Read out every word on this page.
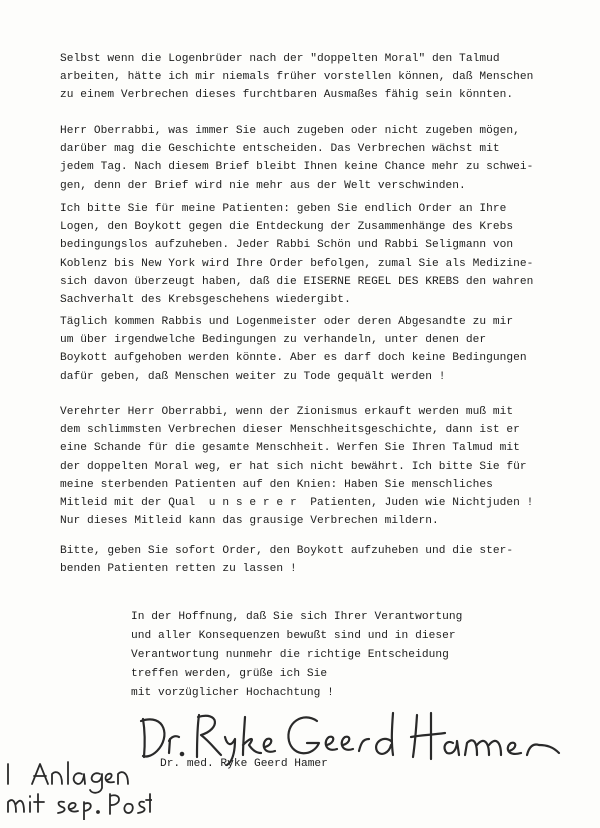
Selbst wenn die Logenbrüder nach der "doppelten Moral" den Talmud
arbeiten, hätte ich mir niemals früher vorstellen können, daß Menschen
zu einem Verbrechen dieses furchtbaren Ausmaßes fähig sein könnten.
Herr Oberrabbi, was immer Sie auch zugeben oder nicht zugeben mögen,
darüber mag die Geschichte entscheiden. Das Verbrechen wächst mit
jedem Tag. Nach diesem Brief bleibt Ihnen keine Chance mehr zu schwei-
gen, denn der Brief wird nie mehr aus der Welt verschwinden.
Ich bitte Sie für meine Patienten: geben Sie endlich Order an Ihre
Logen, den Boykott gegen die Entdeckung der Zusammenhänge des Krebs
bedingungslos aufzuheben. Jeder Rabbi Schön und Rabbi Seligmann von
Koblenz bis New York wird Ihre Order befolgen, zumal Sie als Medizine-
sich davon überzeugt haben, daß die EISERNE REGEL DES KREBS den wahren
Sachverhalt des Krebsgeschehens wiedergibt.
Täglich kommen Rabbis und Logenmeister oder deren Abgesandte zu mir
um über irgendwelche Bedingungen zu verhandeln, unter denen der
Boykott aufgehoben werden könnte. Aber es darf doch keine Bedingungen
dafür geben, daß Menschen weiter zu Tode gequält werden !
Verehrter Herr Oberrabbi, wenn der Zionismus erkauft werden muß mit
dem schlimmsten Verbrechen dieser Menschheitsgeschichte, dann ist er
eine Schande für die gesamte Menschheit. Werfen Sie Ihren Talmud mit
der doppelten Moral weg, er hat sich nicht bewährt. Ich bitte Sie für
meine sterbenden Patienten auf den Knien: Haben Sie menschliches
Mitleid mit der Qual  u n s e r e r  Patienten, Juden wie Nichtjuden !
Nur dieses Mitleid kann das grausige Verbrechen mildern.
Bitte, geben Sie sofort Order, den Boykott aufzuheben und die ster-
benden Patienten retten zu lassen !
In der Hoffnung, daß Sie sich Ihrer Verantwortung
und aller Konsequenzen bewußt sind und in dieser
Verantwortung nunmehr die richtige Entscheidung
treffen werden, grüße ich Sie
mit vorzüglicher Hochachtung !
Dr. med. Ryke Geerd Hamer
